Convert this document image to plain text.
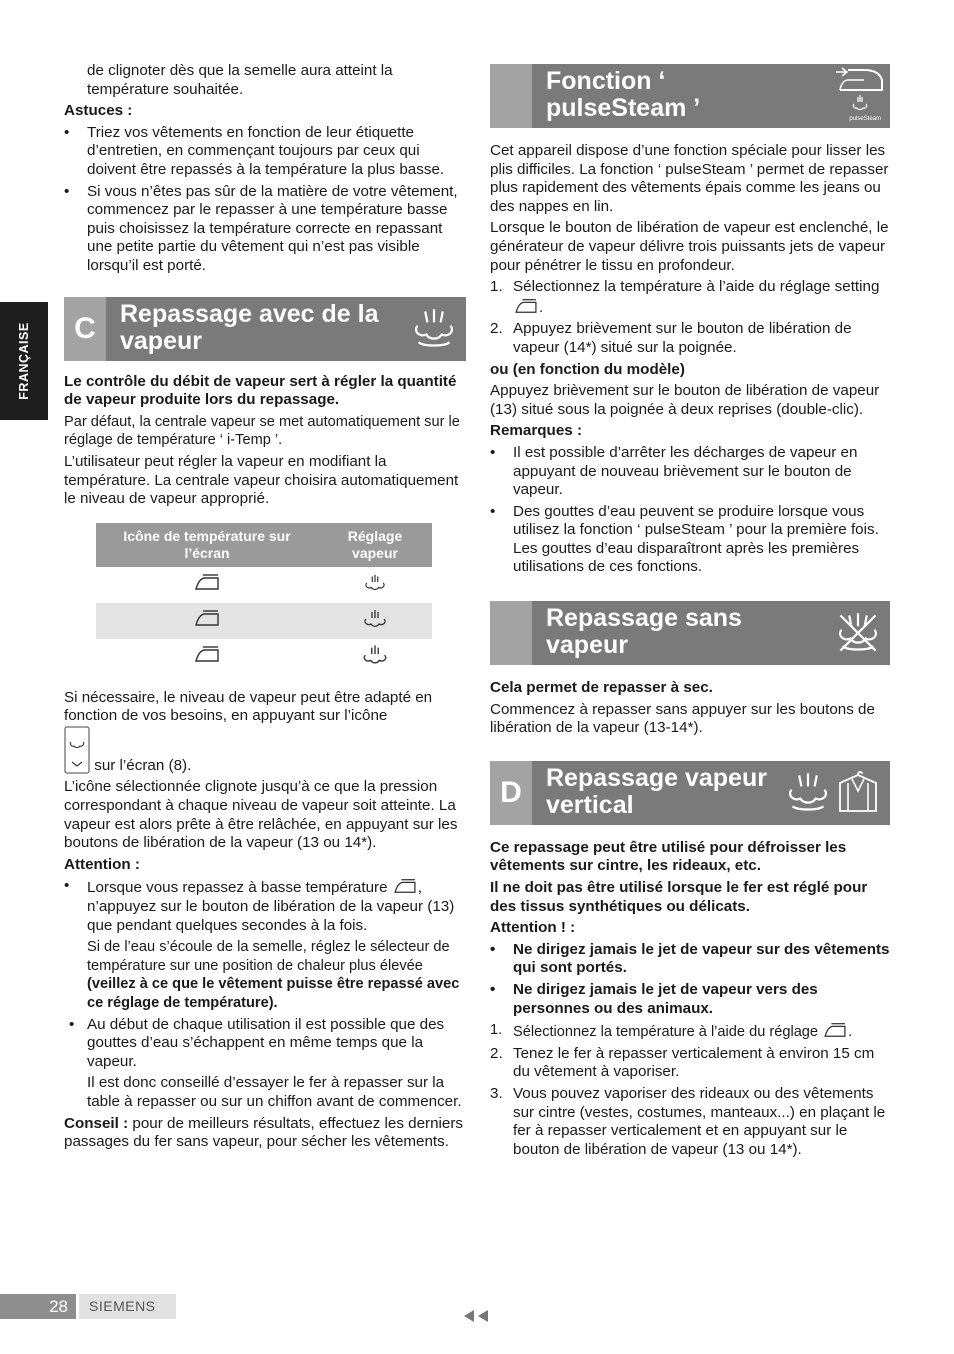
FRANÇAISE

de clignoter dès que la semelle aura atteint la température souhaitée.

Astuces :

• Triez vos vêtements en fonction de leur étiquette d’entretien, en commençant toujours par ceux qui doivent être repassés à la température la plus basse.
• Si vous n’êtes pas sûr de la matière de votre vêtement, commencez par le repasser à une température basse puis choisissez la température correcte en repassant une petite partie du vêtement qui n’est pas visible lorsqu’il est porté.
C Repassage avec de la vapeur

Le contrôle du débit de vapeur sert à régler la quantité de vapeur produite lors du repassage.

Par défaut, la centrale vapeur se met automatiquement sur le réglage de température ‘ i-Temp ’.

L’utilisateur peut régler la vapeur en modifiant la température. La centrale vapeur choisira automatiquement le niveau de vapeur approprié.

Icône de température sur l’écran	Réglage vapeur

Si nécessaire, le niveau de vapeur peut être adapté en fonction de vos besoins, en appuyant sur l’icône
sur l’écran (8).

L’icône sélectionnée clignote jusqu’à ce que la pression correspondant à chaque niveau de vapeur soit atteinte. La vapeur est alors prête à être relâchée, en appuyant sur les boutons de libération de la vapeur (13 ou 14*).

Attention :

• Lorsque vous repassez à basse température , n’appuyez sur le bouton de libération de la vapeur (13) que pendant quelques secondes à la fois.

Si de l’eau s’écoule de la semelle, réglez le sélecteur de température sur une position de chaleur plus élevée (veillez à ce que le vêtement puisse être repassé avec ce réglage de température).

• Au début de chaque utilisation il est possible que des gouttes d’eau s’échappent en même temps que la vapeur.

Il est donc conseillé d’essayer le fer à repasser sur la table à repasser ou sur un chiffon avant de commencer.

Conseil : pour de meilleurs résultats, effectuez les derniers passages du fer sans vapeur, pour sécher les vêtements.

Fonction ‘ pulseSteam ’	pulseSteam

Cet appareil dispose d’une fonction spéciale pour lisser les plis difficiles. La fonction ‘ pulseSteam ’ permet de repasser plus rapidement des vêtements épais comme les jeans ou des nappes en lin.

Lorsque le bouton de libération de vapeur est enclenché, le générateur de vapeur délivre trois puissants jets de vapeur pour pénétrer le tissu en profondeur.

1. Sélectionnez la température à l’aide du réglage setting .
2. Appuyez brièvement sur le bouton de libération de vapeur (14*) situé sur la poignée.

ou (en fonction du modèle)

Appuyez brièvement sur le bouton de libération de vapeur (13) situé sous la poignée à deux reprises (double-clic).

Remarques :

• Il est possible d’arrêter les décharges de vapeur en appuyant de nouveau brièvement sur le bouton de vapeur.
• Des gouttes d’eau peuvent se produire lorsque vous utilisez la fonction ‘ pulseSteam ’ pour la première fois. Les gouttes d’eau disparaîtront après les premières utilisations de ces fonctions.
Repassage sans vapeur

Cela permet de repasser à sec.

Commencez à repasser sans appuyer sur les boutons de libération de la vapeur (13-14*).

D Repassage vapeur vertical

Ce repassage peut être utilisé pour défroisser les vêtements sur cintre, les rideaux, etc.

Il ne doit pas être utilisé lorsque le fer est réglé pour des tissus synthétiques ou délicats.

Attention ! :

• Ne dirigez jamais le jet de vapeur sur des vêtements qui sont portés.
• Ne dirigez jamais le jet de vapeur vers des personnes ou des animaux.
1. Sélectionnez la température à l’aide du réglage .
2. Tenez le fer à repasser verticalement à environ 15 cm du vêtement à vaporiser.
3. Vous pouvez vaporiser des rideaux ou des vêtements sur cintre (vestes, costumes, manteaux...) en plaçant le fer à repasser verticalement et en appuyant sur le bouton de libération de vapeur (13 ou 14*).
28	SIEMENS
